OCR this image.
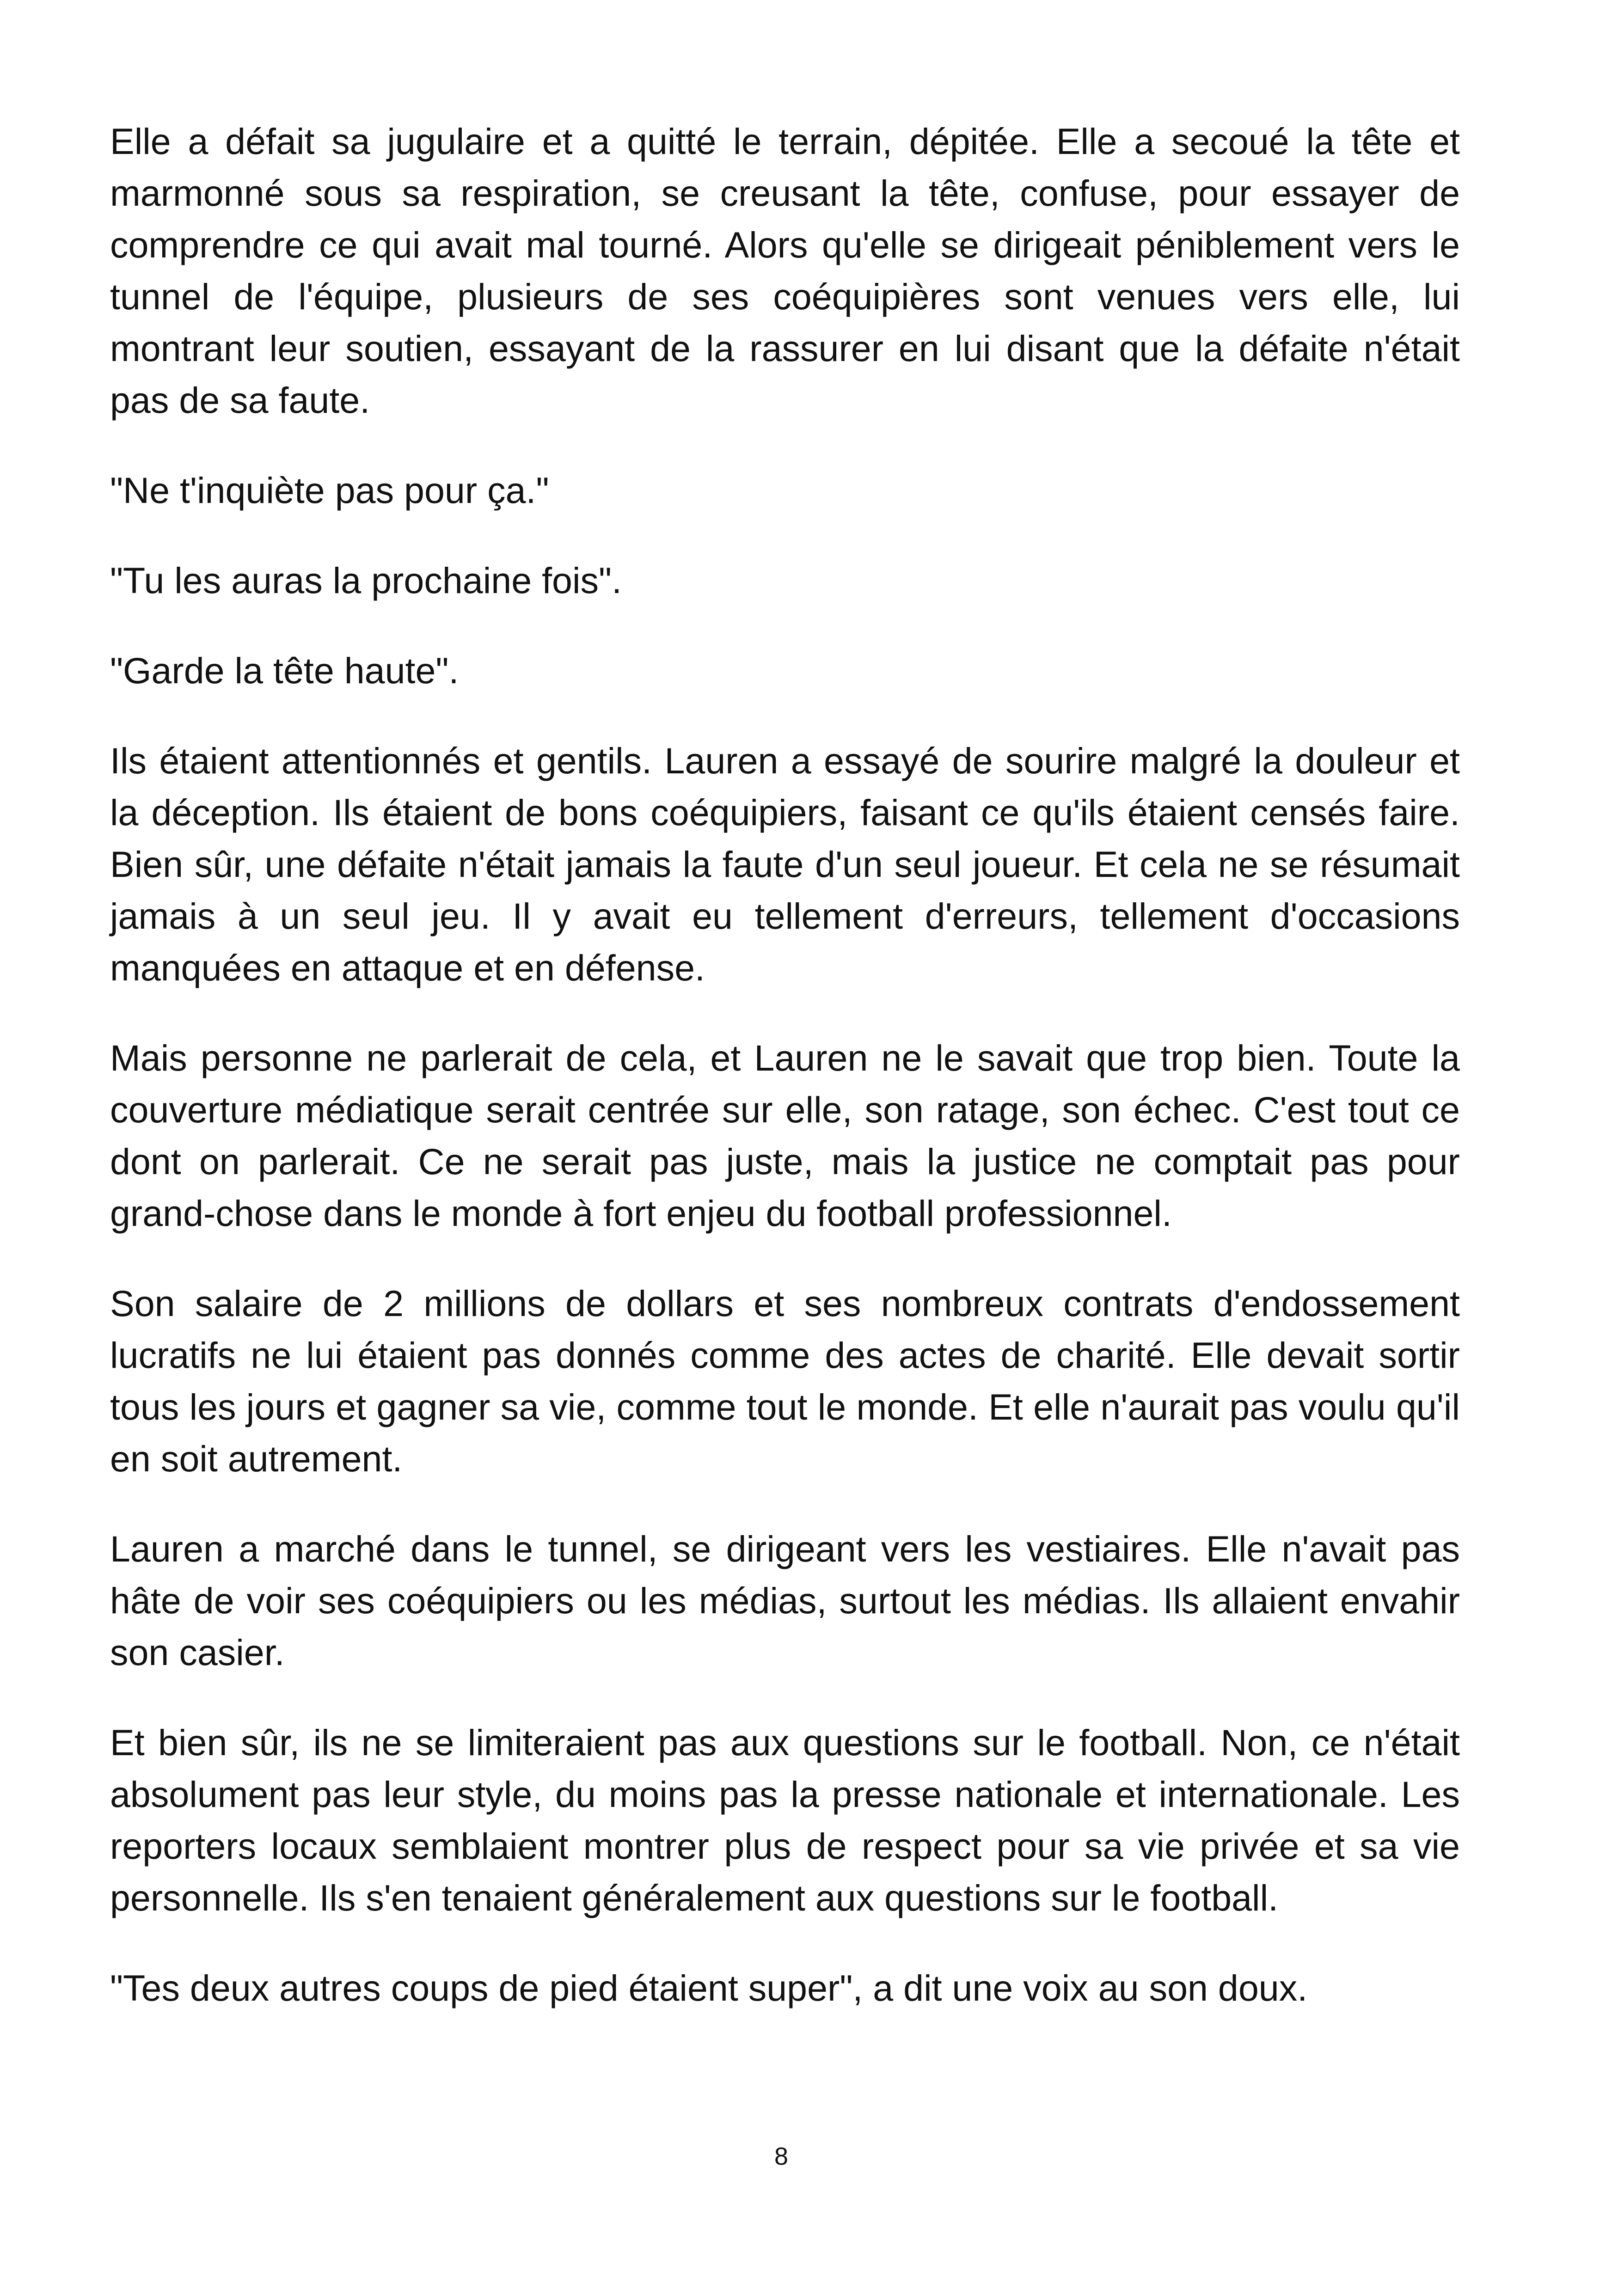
Elle a défait sa jugulaire et a quitté le terrain, dépitée. Elle a secoué la tête et marmonné sous sa respiration, se creusant la tête, confuse, pour essayer de comprendre ce qui avait mal tourné. Alors qu'elle se dirigeait péniblement vers le tunnel de l'équipe, plusieurs de ses coéquipières sont venues vers elle, lui montrant leur soutien, essayant de la rassurer en lui disant que la défaite n'était pas de sa faute.

"Ne t'inquiète pas pour ça."

"Tu les auras la prochaine fois".

"Garde la tête haute".

Ils étaient attentionnés et gentils. Lauren a essayé de sourire malgré la douleur et la déception. Ils étaient de bons coéquipiers, faisant ce qu'ils étaient censés faire. Bien sûr, une défaite n'était jamais la faute d'un seul joueur. Et cela ne se résumait jamais à un seul jeu. Il y avait eu tellement d'erreurs, tellement d'occasions manquées en attaque et en défense.

Mais personne ne parlerait de cela, et Lauren ne le savait que trop bien. Toute la couverture médiatique serait centrée sur elle, son ratage, son échec. C'est tout ce dont on parlerait. Ce ne serait pas juste, mais la justice ne comptait pas pour grand-chose dans le monde à fort enjeu du football professionnel.

Son salaire de 2 millions de dollars et ses nombreux contrats d'endossement lucratifs ne lui étaient pas donnés comme des actes de charité. Elle devait sortir tous les jours et gagner sa vie, comme tout le monde. Et elle n'aurait pas voulu qu'il en soit autrement.

Lauren a marché dans le tunnel, se dirigeant vers les vestiaires. Elle n'avait pas hâte de voir ses coéquipiers ou les médias, surtout les médias. Ils allaient envahir son casier.

Et bien sûr, ils ne se limiteraient pas aux questions sur le football. Non, ce n'était absolument pas leur style, du moins pas la presse nationale et internationale. Les reporters locaux semblaient montrer plus de respect pour sa vie privée et sa vie personnelle. Ils s'en tenaient généralement aux questions sur le football.

"Tes deux autres coups de pied étaient super", a dit une voix au son doux.

8
